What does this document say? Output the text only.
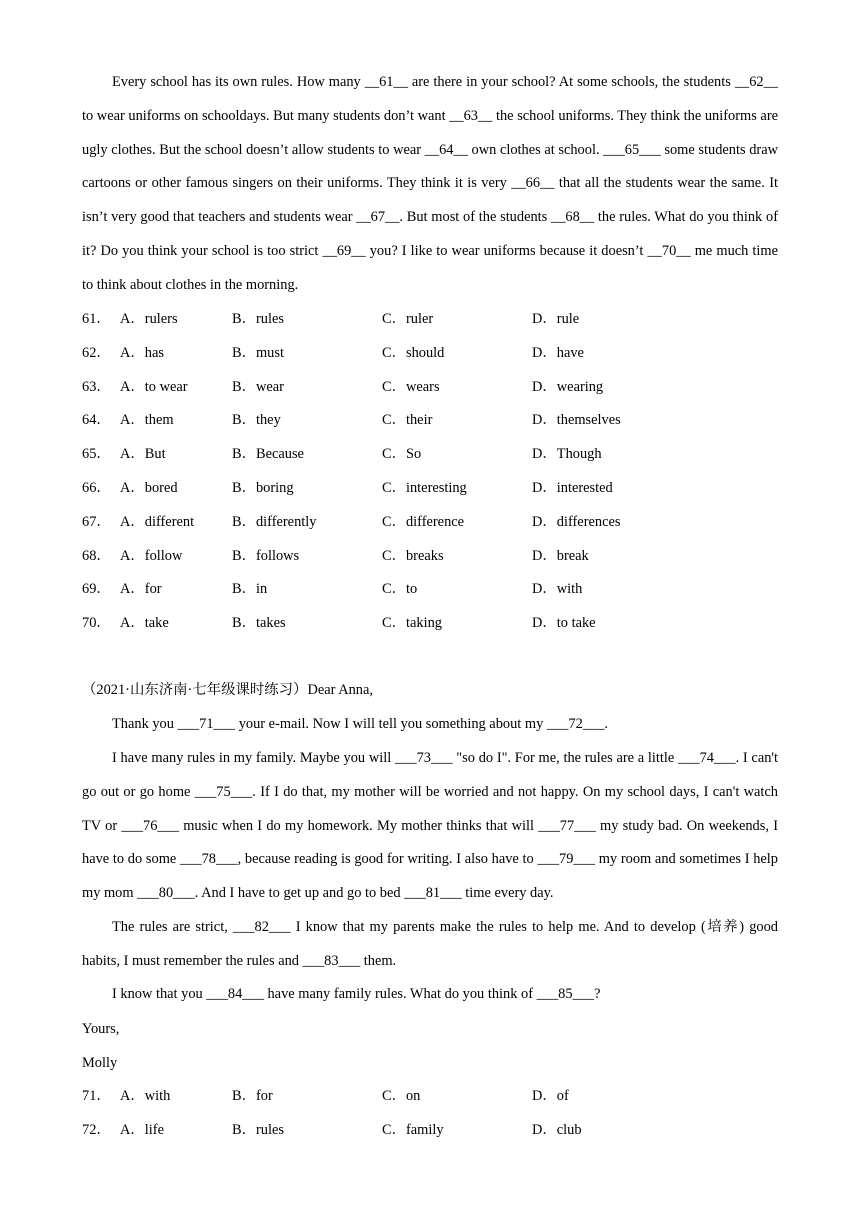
Every school has its own rules. How many __61__ are there in your school? At some schools, the students __62__ to wear uniforms on schooldays. But many students don’t want __63__ the school uniforms. They think the uniforms are ugly clothes. But the school doesn’t allow students to wear __64__ own clothes at school. ___65___ some students draw cartoons or other famous singers on their uniforms. They think it is very __66__ that all the students wear the same. It isn’t very good that teachers and students wear __67__. But most of the students __68__ the rules. What do you think of it? Do you think your school is too strict __69__ you? I like to wear uniforms because it doesn’t __70__ me much time to think about clothes in the morning.

61． A．rulers	B．rules	C．ruler	D．rule
62． A．has	B．must	C．should	D．have
63． A．to wear	B．wear	C．wears	D．wearing
64． A．them	B．they	C．their	D．themselves
65． A．But	B．Because	C．So	D．Though
66． A．bored	B．boring	C．interesting	D．interested
67． A．different	B．differently	C．difference	D．differences
68． A．follow	B．follows	C．breaks	D．break
69． A．for	B．in	C．to	D．with
70． A．take	B．takes	C．taking	D．to take
（2021·山东济南·七年级课时练习）Dear Anna,

Thank you ___71___ your e-mail. Now I will tell you something about my ___72___.

I have many rules in my family. Maybe you will ___73___ "so do I". For me, the rules are a little ___74___. I can't go out or go home ___75___. If I do that, my mother will be worried and not happy. On my school days, I can't watch TV or ___76___ music when I do my homework. My mother thinks that will ___77___ my study bad. On weekends, I have to do some ___78___, because reading is good for writing. I also have to ___79___ my room and sometimes I help my mom ___80___. And I have to get up and go to bed ___81___ time every day.

The rules are strict, ___82___ I know that my parents make the rules to help me. And to develop (培养) good habits, I must remember the rules and ___83___ them.

I know that you ___84___ have many family rules. What do you think of ___85___?

Yours,
Molly
71． A．with	B．for	C．on	D．of
72． A．life	B．rules	C．family	D．club
